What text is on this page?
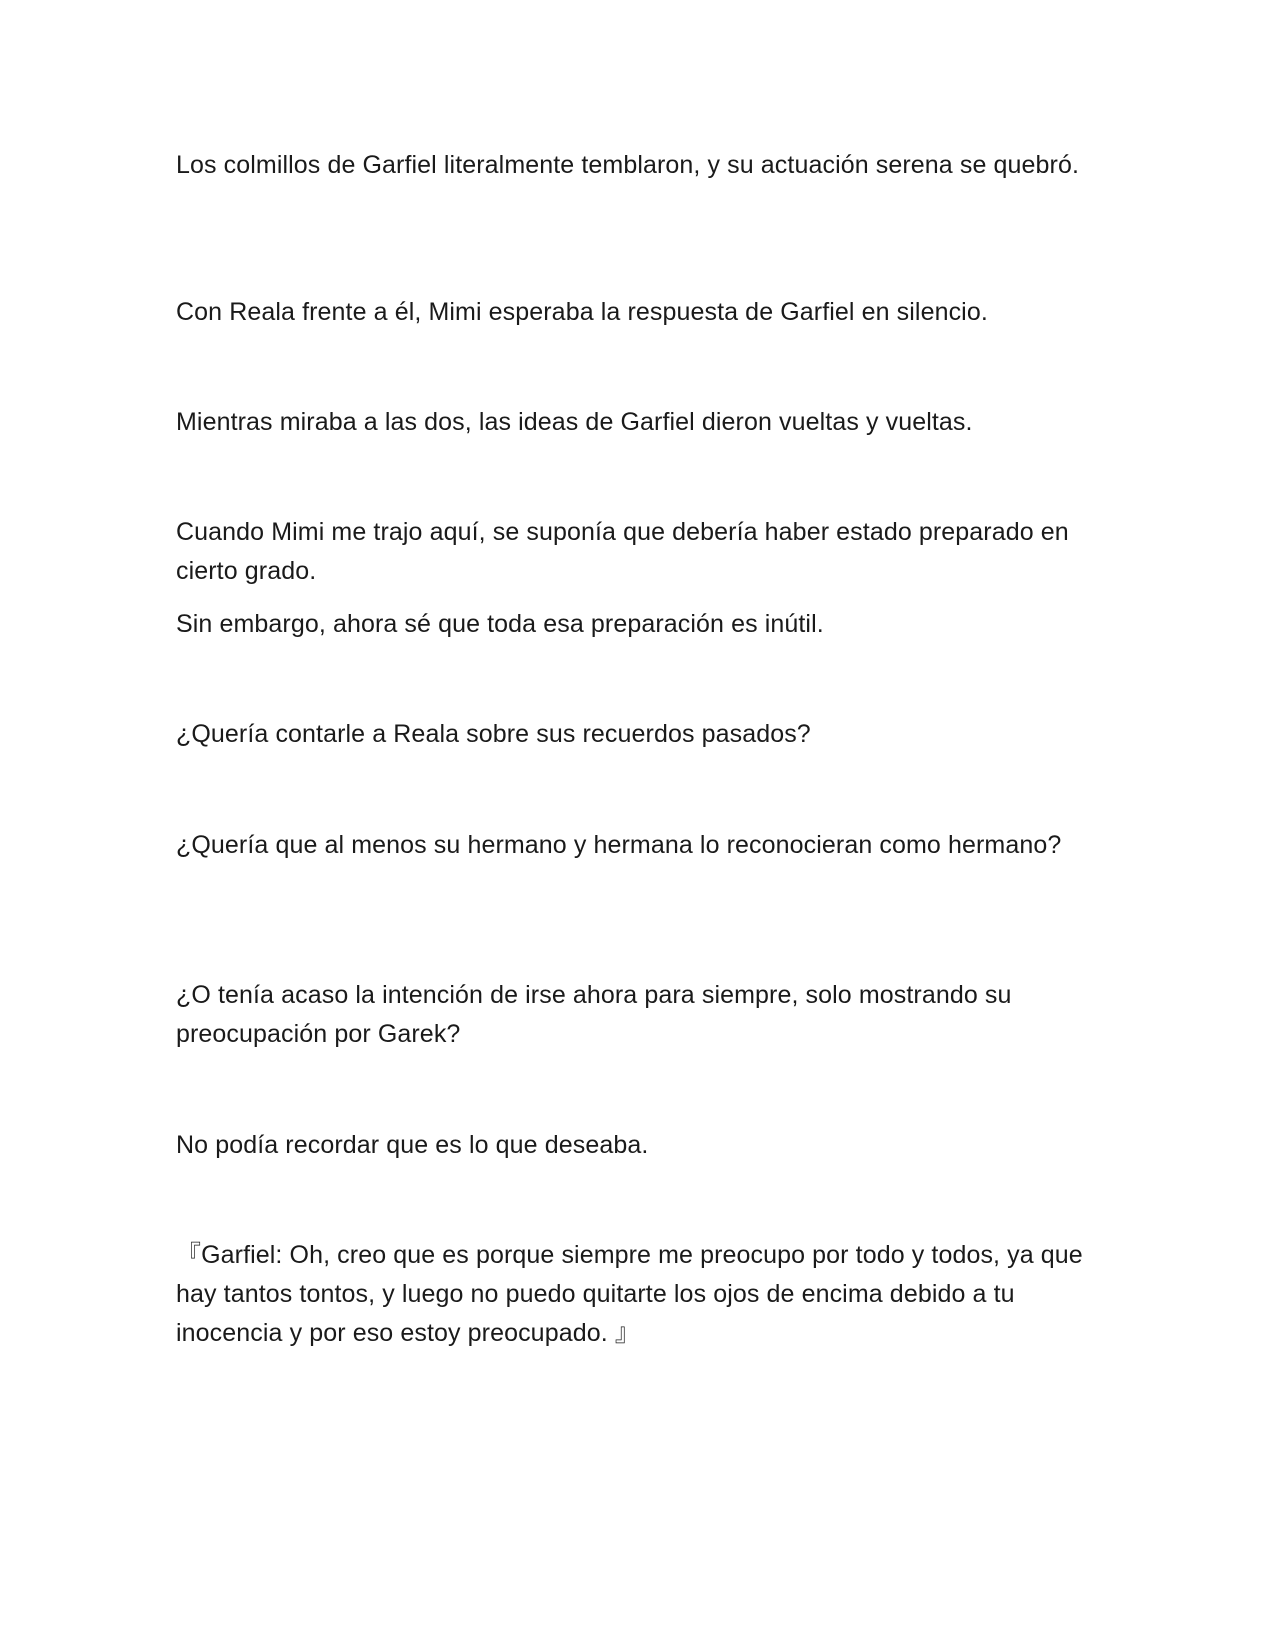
Los colmillos de Garfiel literalmente temblaron, y su actuación serena se quebró.

Con Reala frente a él, Mimi esperaba la respuesta de Garfiel en silencio.

Mientras miraba a las dos, las ideas de Garfiel dieron vueltas y vueltas.

Cuando Mimi me trajo aquí, se suponía que debería haber estado preparado en cierto grado.

Sin embargo, ahora sé que toda esa preparación es inútil.

¿Quería contarle a Reala sobre sus recuerdos pasados?

¿Quería que al menos su hermano y hermana lo reconocieran como hermano?

¿O tenía acaso la intención de irse ahora para siempre, solo mostrando su preocupación por Garek?

No podía recordar que es lo que deseaba.

『Garfiel: Oh, creo que es porque siempre me preocupo por todo y todos, ya que hay tantos tontos, y luego no puedo quitarte los ojos de encima debido a tu inocencia y por eso estoy preocupado. 』
